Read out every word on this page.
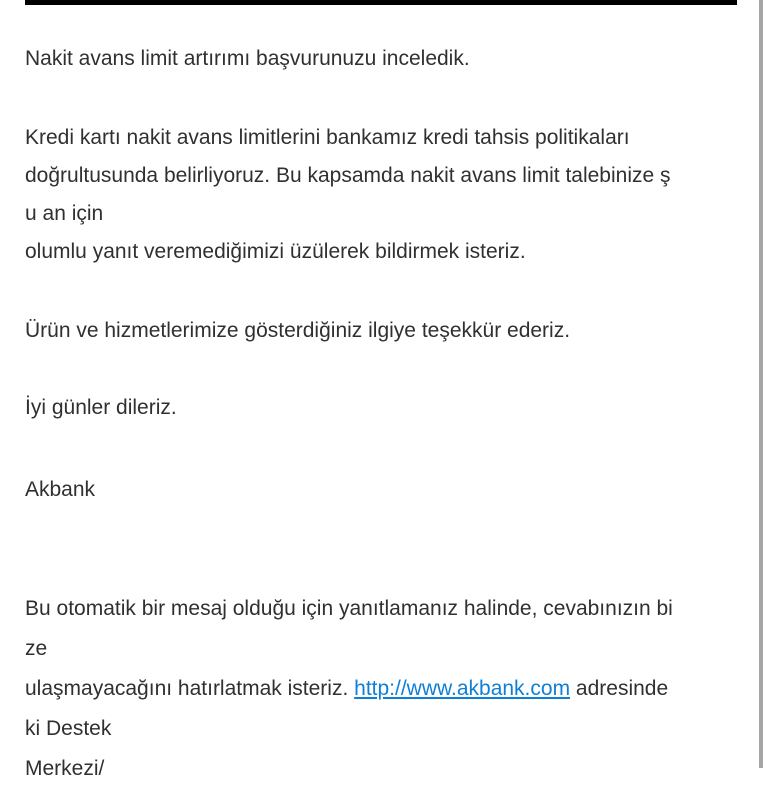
Nakit avans limit artırımı başvurunuzu inceledik.
Kredi kartı nakit avans limitlerini bankamız kredi tahsis politikaları
doğrultusunda belirliyoruz. Bu kapsamda nakit avans limit talebinize ş
u an için
olumlu yanıt veremediğimizi üzülerek bildirmek isteriz.
Ürün ve hizmetlerimize gösterdiğiniz ilgiye teşekkür ederiz.
İyi günler dileriz.
Akbank
Bu otomatik bir mesaj olduğu için yanıtlamanız halinde, cevabınızın bi
ze
ulaşmayacağını hatırlatmak isteriz. http://www.akbank.com adresinde
ki Destek
Merkezi/
